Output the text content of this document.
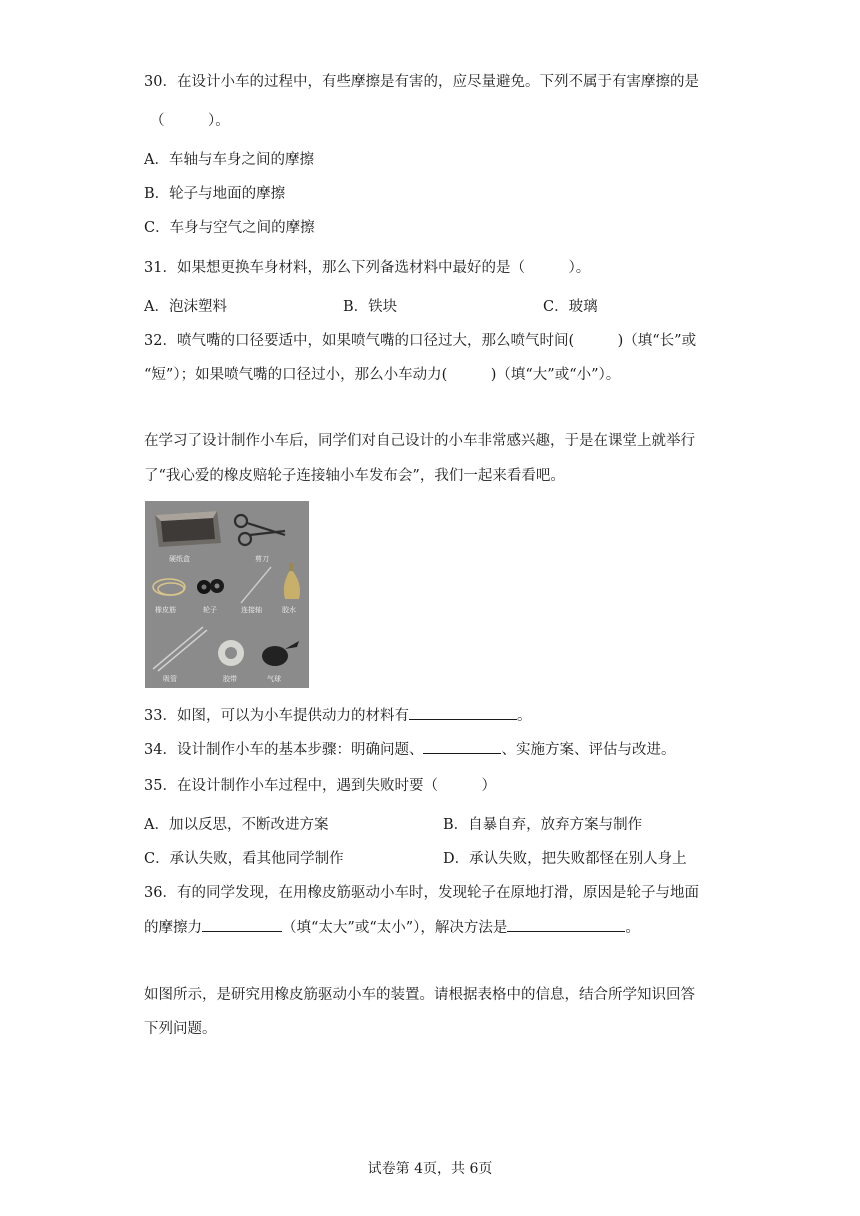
30．在设计小车的过程中，有些摩擦是有害的，应尽量避免。下列不属于有害摩擦的是
（　　　）。
A．车轴与车身之间的摩擦
B．轮子与地面的摩擦
C．车身与空气之间的摩擦
31．如果想更换车身材料，那么下列备选材料中最好的是（　　　）。
A．泡沫塑料	B．铁块	C．玻璃
32．喷气嘴的口径要适中，如果喷气嘴的口径过大，那么喷气时间(　　　)（填“长”或
“短”）；如果喷气嘴的口径过小，那么小车动力(　　　)（填“大”或“小”）。
在学习了设计制作小车后，同学们对自己设计的小车非常感兴趣，于是在课堂上就举行
了“我心爱的橡皮赔轮子连接轴小车发布会”，我们一起来看看吧。
硬纸盒	剪刀
橡皮筋	轮子	连接轴	胶水
吸管	胶带	气球
33．如图，可以为小车提供动力的材料有	。
34．设计制作小车的基本步骤：明确问题、	、实施方案、评估与改进。
35．在设计制作小车过程中，遇到失败时要（　　　）
A．加以反思，不断改进方案	B．自暴自弃，放弃方案与制作
C．承认失败，看其他同学制作	D．承认失败，把失败都怪在别人身上
36．有的同学发现，在用橡皮筋驱动小车时，发现轮子在原地打滑，原因是轮子与地面
的摩擦力	（填“太大”或“太小”），解决方法是	。
如图所示，是研究用橡皮筋驱动小车的装置。请根据表格中的信息，结合所学知识回答
下列问题。
试卷第 4页，共 6页
